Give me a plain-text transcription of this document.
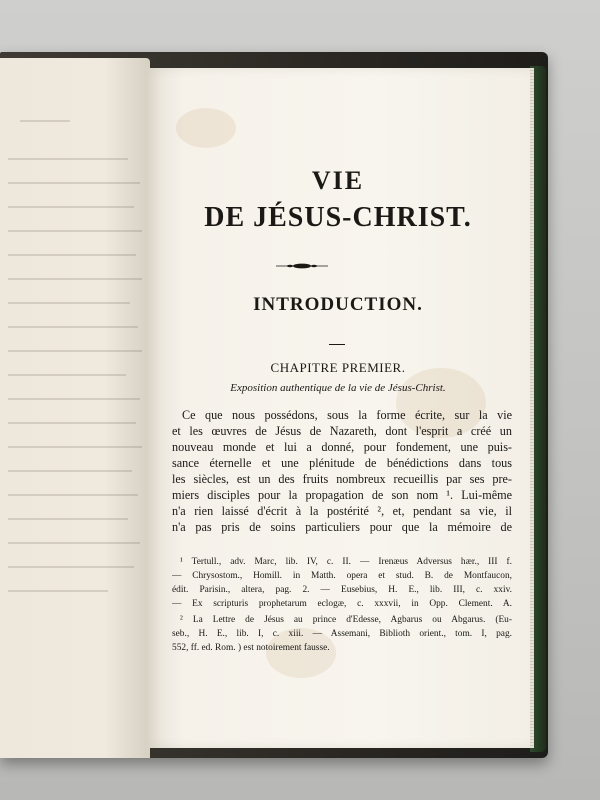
VIE
DE JÉSUS-CHRIST.
INTRODUCTION.
CHAPITRE PREMIER.
Exposition authentique de la vie de Jésus-Christ.
Ce que nous possédons, sous la forme écrite, sur la vie
et les œuvres de Jésus de Nazareth, dont l'esprit a créé un
nouveau monde et lui a donné, pour fondement, une puis-
sance éternelle et une plénitude de bénédictions dans tous
les siècles, est un des fruits nombreux recueillis par ses pre-
miers disciples pour la propagation de son nom ¹. Lui-même
n'a rien laissé d'écrit à la postérité ², et, pendant sa vie, il
n'a pas pris de soins particuliers pour que la mémoire de
¹ Tertull., adv. Marc, lib. IV, c. II. — Irenæus Adversus hær., III f.
— Chrysostom., Homill. in Matth. opera et stud. B. de Montfaucon,
édit. Parisin., altera, pag. 2. — Eusebius, H. E., lib. III, c. xxiv.
— Ex scripturis prophetarum eclogæ, c. xxxvii, in Opp. Clement. A.
² La Lettre de Jésus au prince d'Edesse, Agbarus ou Abgarus. (Eu-
seb., H. E., lib. I, c. xiii. — Assemani, Biblioth orient., tom. I, pag.
552, ff. ed. Rom. ) est notoirement fausse.
